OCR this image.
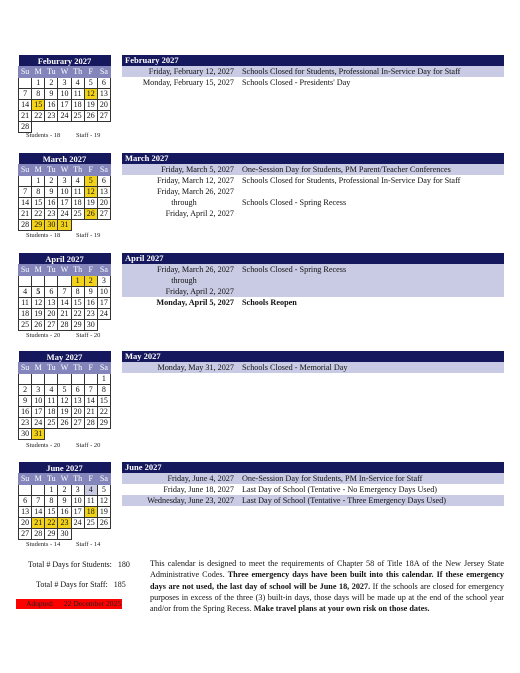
Feburary 2027						
Su	M	Tu	W	Th	F	Sa
	1	2	3	4	5	6
7	8	9	10	11	12	13
14	15	16	17	18	19	20
21	22	23	24	25	26	27
28						
Students - 18 Staff - 19
March 2027						
Su	M	Tu	W	Th	F	Sa
	1	2	3	4	5	6
7	8	9	10	11	12	13
14	15	16	17	18	19	20
21	22	23	24	25	26	27
28	29	30	31			
Students - 18 Staff - 19
April 2027						
Su	M	Tu	W	Th	F	Sa
				1	2	3
4	5	6	7	8	9	10
11	12	13	14	15	16	17
18	19	20	21	22	23	24
25	26	27	28	29	30	
Students - 20 Staff - 20
May 2027						
Su	M	Tu	W	Th	F	Sa
						1
2	3	4	5	6	7	8
9	10	11	12	13	14	15
16	17	18	19	20	21	22
23	24	25	26	27	28	29
30	31					
Students - 20 Staff - 20
June 2027						
Su	M	Tu	W	Th	F	Sa
		1	2	3	4	5
6	7	8	9	10	11	12
13	14	15	16	17	18	19
20	21	22	23	24	25	26
27	28	29	30			
Students - 14 Staff - 14
February 2027
Friday, February 12, 2027 Schools Closed for Students, Professional In-Service Day for Staff
Monday, February 15, 2027 Schools Closed - Presidents' Day
March 2027
Friday, March 5, 2027 One-Session Day for Students, PM Parent/Teacher Conferences
Friday, March 12, 2027 Schools Closed for Students, Professional In-Service Day for Staff
Friday, March 26, 2027
through	Schools Closed - Spring Recess
Friday, April 2, 2027
April 2027
Friday, March 26, 2027 Schools Closed - Spring Recess
through
Friday, April 2, 2027
Monday, April 5, 2027 Schools Reopen
May 2027
Monday, May 31, 2027 Schools Closed - Memorial Day
June 2027
Friday, June 4, 2027 One-Session Day for Students, PM In-Service for Staff
Friday, June 18, 2027 Last Day of School (Tentative - No Emergency Days Used)
Wednesday, June 23, 2027 Last Day of School (Tentative - Three Emergency Days Used)
Total # Days for Students: 180
Total # Days for Staff: 185
Adopted: 22 December 2025
This calendar is designed to meet the requirements of Chapter 58 of Title 18A of the New Jersey State Administrative Codes. Three emergency days have been built into this calendar. If these emergency days are not used, the last day of school will be June 18, 2027. If the schools are closed for emergency purposes in excess of the three (3) built-in days, those days will be made up at the end of the school year and/or from the Spring Recess. Make travel plans at your own risk on those dates.
